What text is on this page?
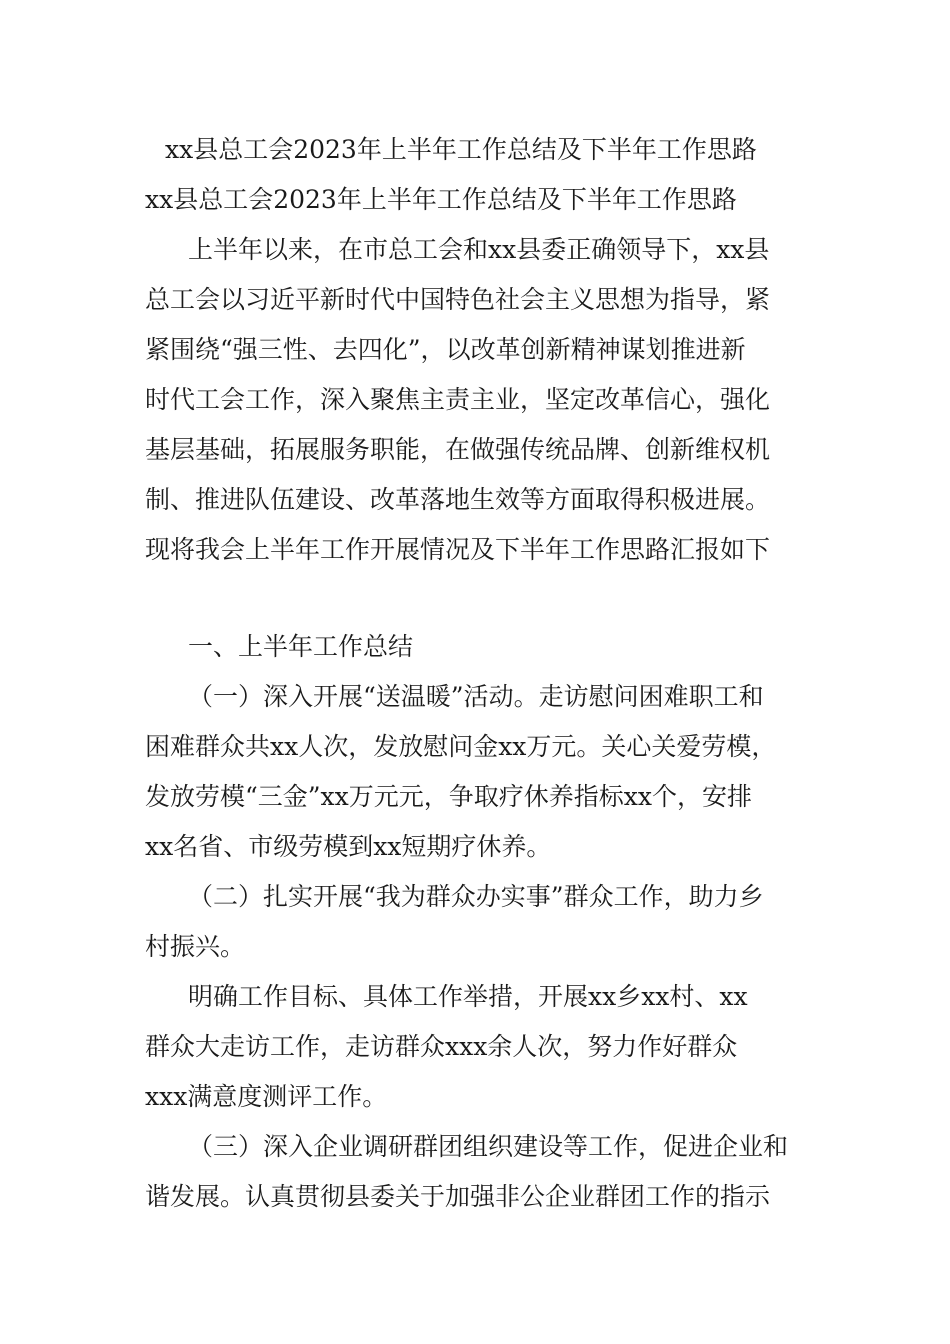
xx县总工会2023年上半年工作总结及下半年工作思路
xx县总工会2023年上半年工作总结及下半年工作思路
上半年以来，在市总工会和xx县委正确领导下，xx县
总工会以习近平新时代中国特色社会主义思想为指导，紧
紧围绕“强三性、去四化”，以改革创新精神谋划推进新
时代工会工作，深入聚焦主责主业，坚定改革信心，强化
基层基础，拓展服务职能，在做强传统品牌、创新维权机
制、推进队伍建设、改革落地生效等方面取得积极进展。
现将我会上半年工作开展情况及下半年工作思路汇报如下
一、上半年工作总结
（一）深入开展“送温暖”活动。走访慰问困难职工和
困难群众共xx人次，发放慰问金xx万元。关心关爱劳模，
发放劳模“三金”xx万元元，争取疗休养指标xx个，安排
xx名省、市级劳模到xx短期疗休养。
（二）扎实开展“我为群众办实事”群众工作，助力乡
村振兴。
明确工作目标、具体工作举措，开展xx乡xx村、xx
群众大走访工作，走访群众xxx余人次，努力作好群众
xxx满意度测评工作。
（三）深入企业调研群团组织建设等工作，促进企业和
谐发展。认真贯彻县委关于加强非公企业群团工作的指示
